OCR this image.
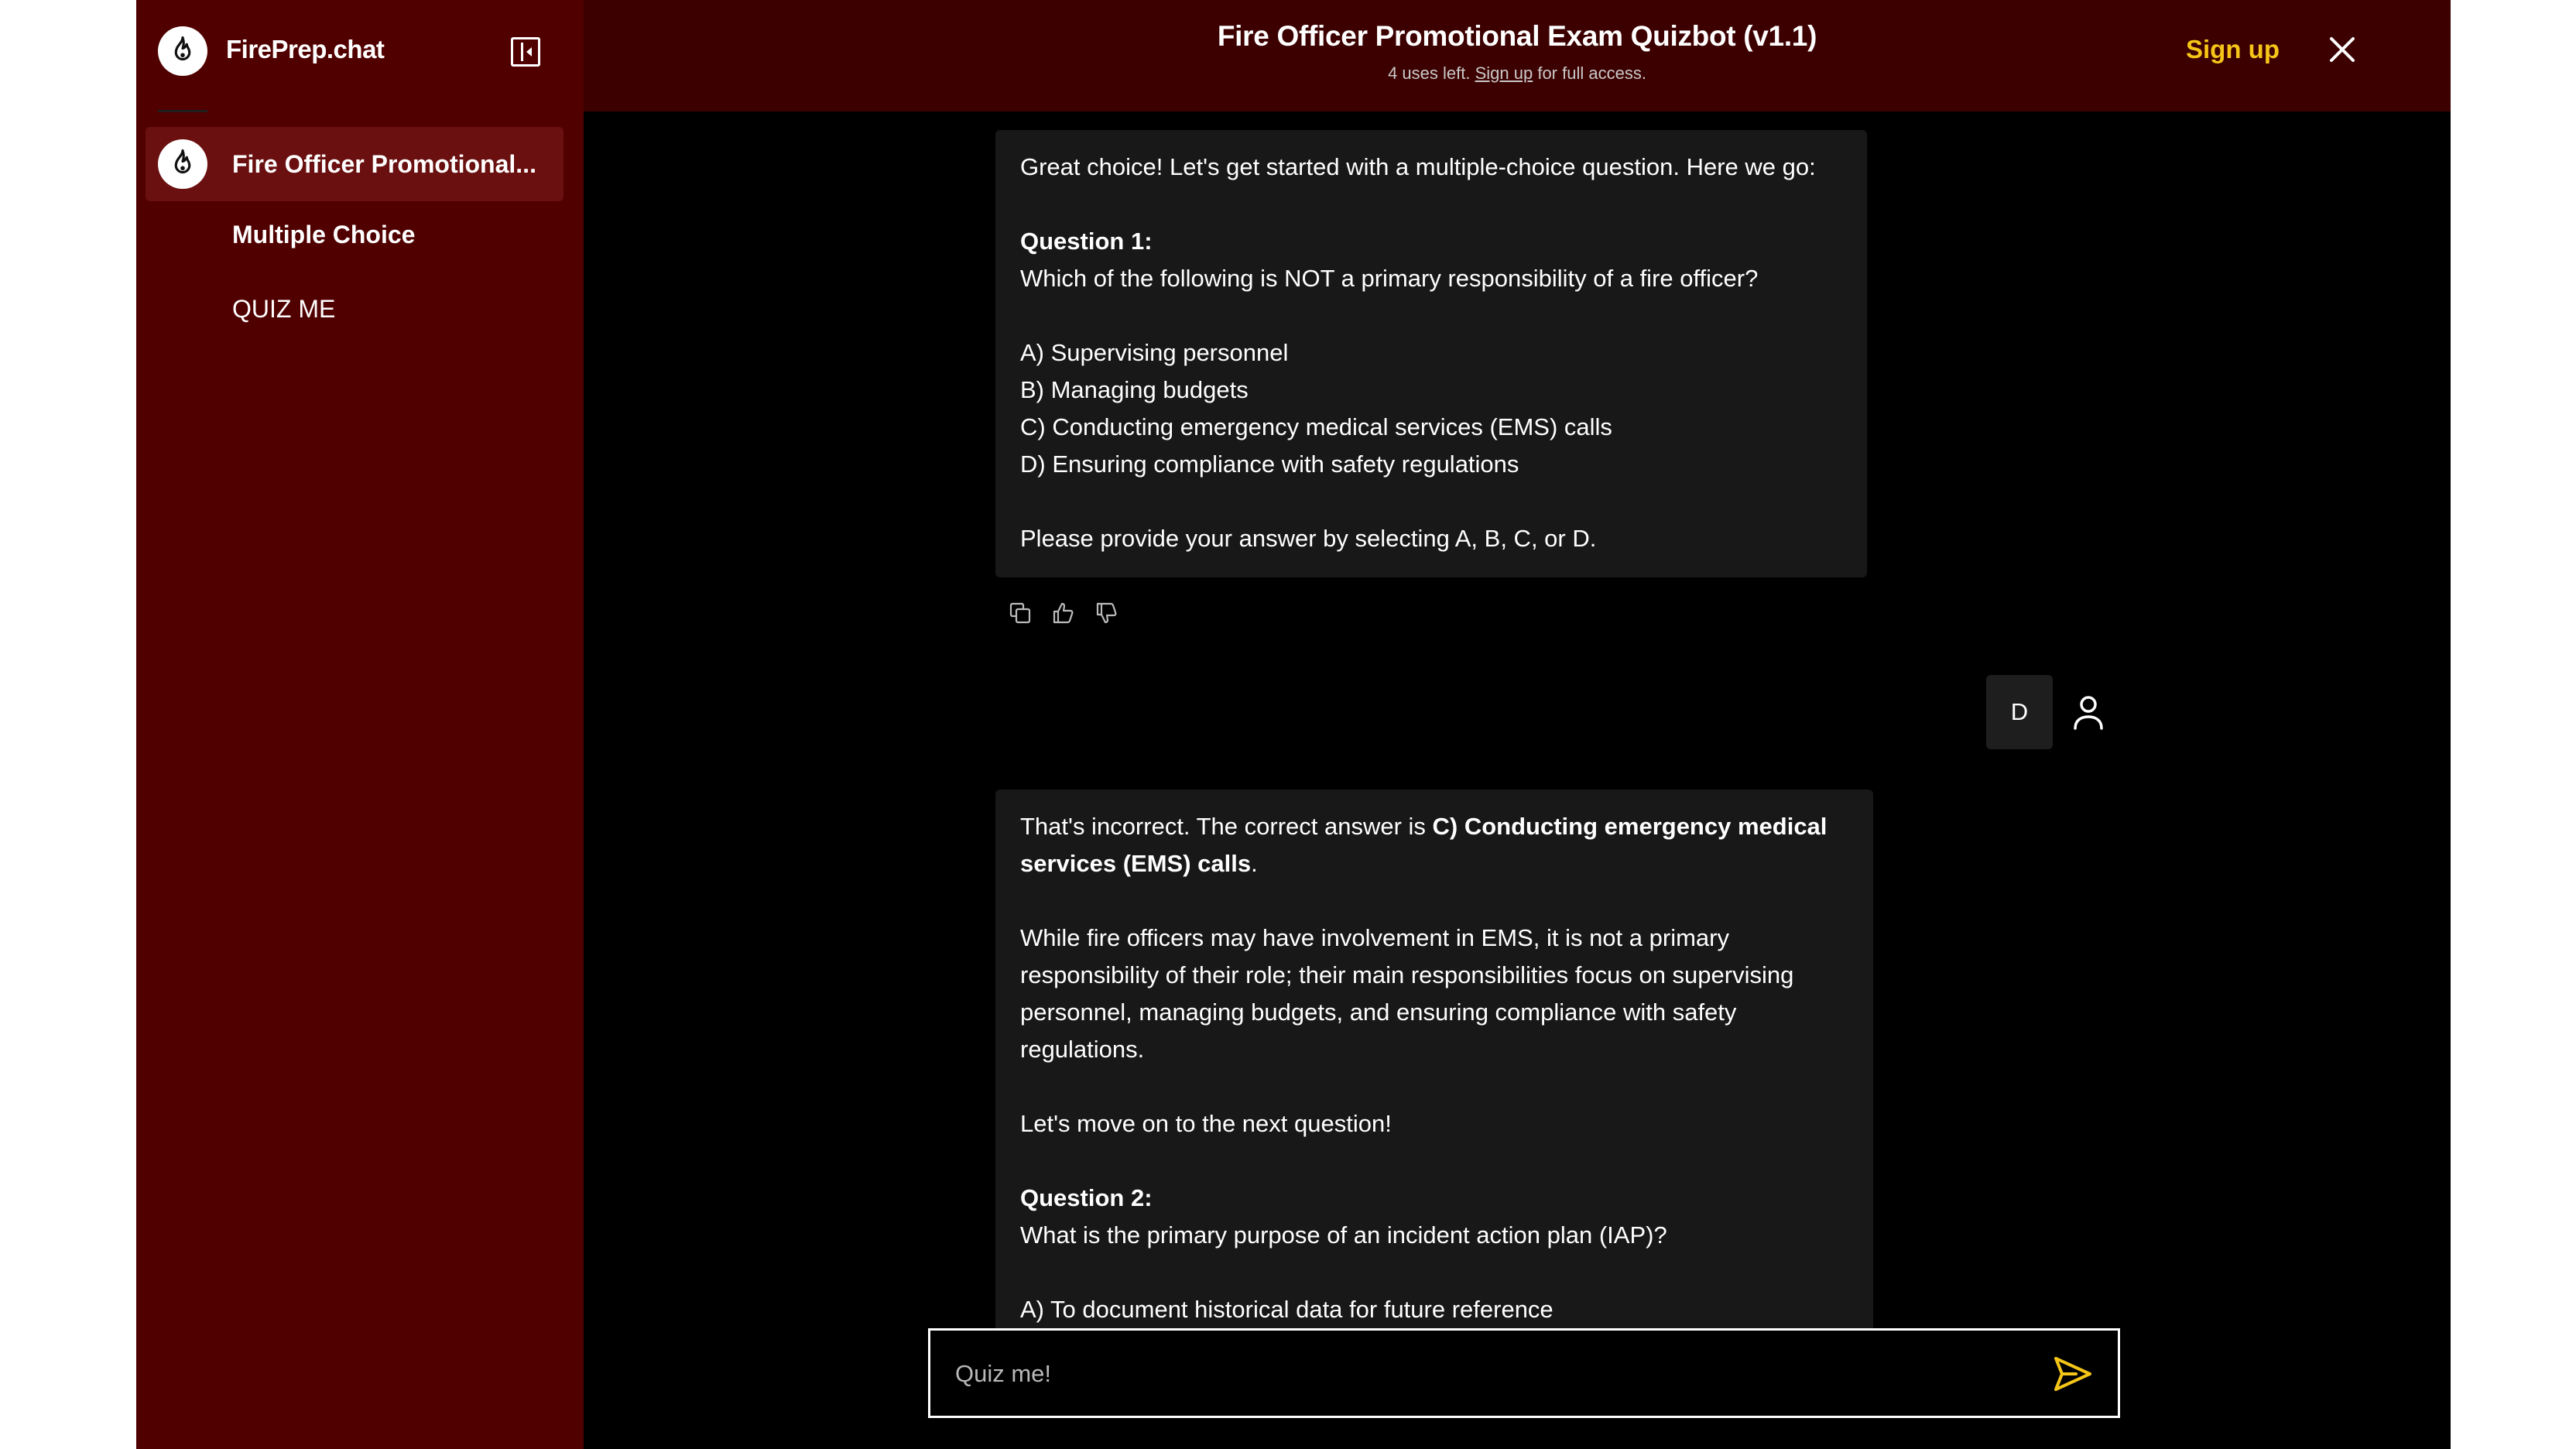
FirePrep.chat
Fire Officer Promotional...
Multiple Choice
QUIZ ME
Fire Officer Promotional Exam Quizbot (v1.1)
4 uses left. Sign up for full access.
Sign up
Great choice! Let's get started with a multiple-choice question. Here we go:

Question 1:
Which of the following is NOT a primary responsibility of a fire officer?

A) Supervising personnel
B) Managing budgets
C) Conducting emergency medical services (EMS) calls
D) Ensuring compliance with safety regulations

Please provide your answer by selecting A, B, C, or D.
D
That's incorrect. The correct answer is C) Conducting emergency medical services (EMS) calls.

While fire officers may have involvement in EMS, it is not a primary responsibility of their role; their main responsibilities focus on supervising personnel, managing budgets, and ensuring compliance with safety regulations.

Let's move on to the next question!

Question 2:
What is the primary purpose of an incident action plan (IAP)?

A) To document historical data for future reference
Quiz me!
